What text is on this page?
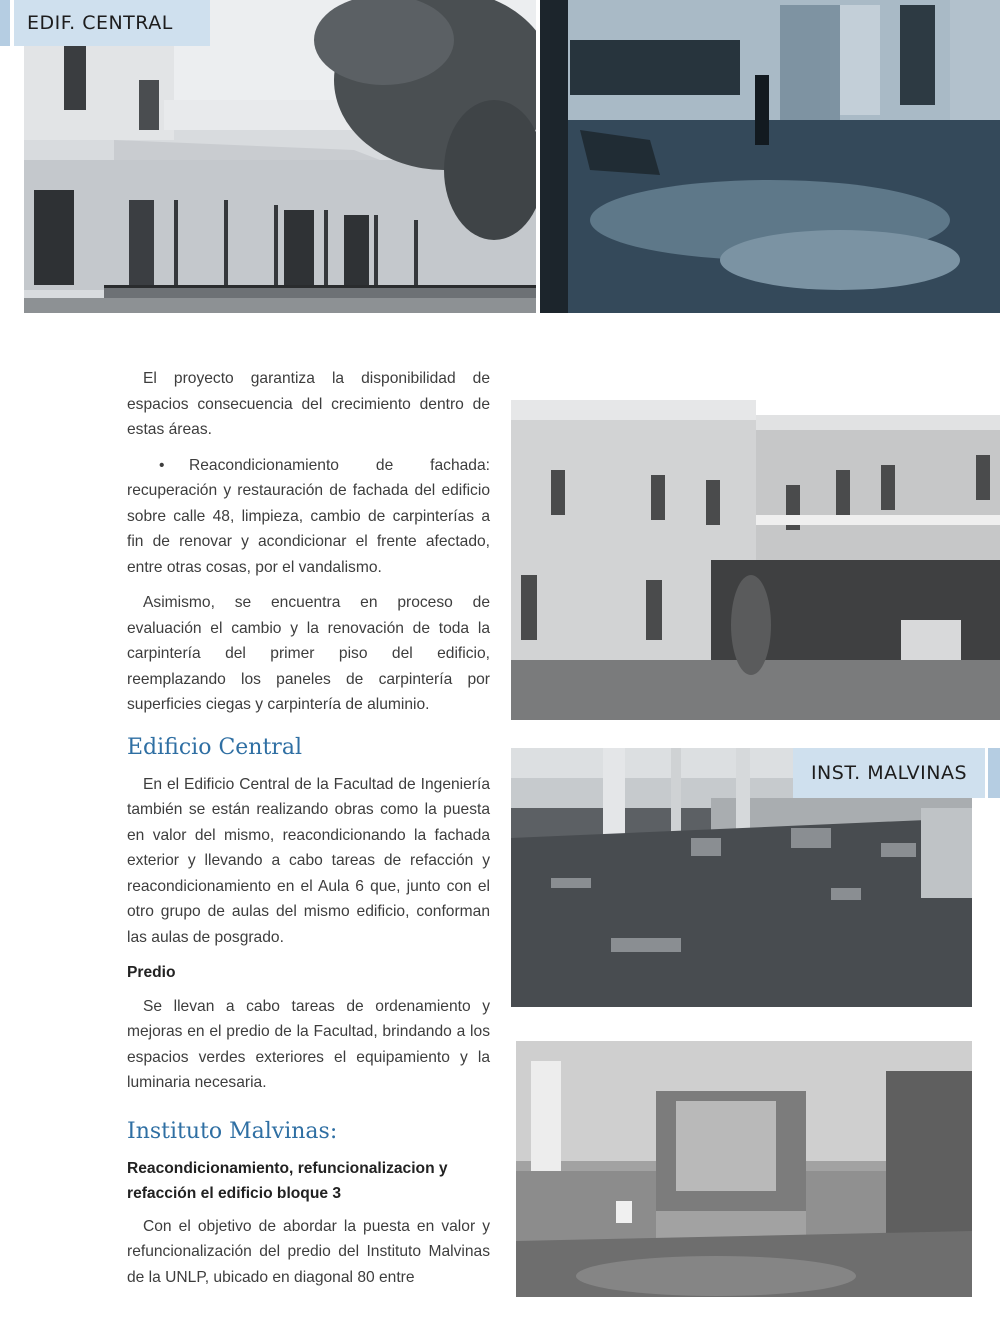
EDIF. CENTRAL
INST. MALVINAS

El proyecto garantiza la disponibilidad de espacios consecuencia del crecimiento dentro de estas áreas.

• Reacondicionamiento de fachada: recuperación y restauración de fachada del edificio sobre calle 48, limpieza, cambio de carpinterías a fin de renovar y acondicionar el frente afectado, entre otras cosas, por el vandalismo.

Asimismo, se encuentra en proceso de evaluación el cambio y la renovación de toda la carpintería del primer piso del edificio, reemplazando los paneles de carpintería por superficies ciegas y carpintería de aluminio.

Edificio Central

En el Edificio Central de la Facultad de Ingeniería también se están realizando obras como la puesta en valor del mismo, reacondicionando la fachada exterior y llevando a cabo tareas de refacción y reacondicionamiento en el Aula 6 que, junto con el otro grupo de aulas del mismo edificio, conforman las aulas de posgrado.

Predio

Se llevan a cabo tareas de ordenamiento y mejoras en el predio de la Facultad, brindando a los espacios verdes exteriores el equipamiento y la luminaria necesaria.

Instituto Malvinas:
Reacondicionamiento, refuncionalizacion y refacción el edificio bloque 3

Con el objetivo de abordar la puesta en valor y refuncionalización del predio del Instituto Malvinas de la UNLP, ubicado en diagonal 80 entre
